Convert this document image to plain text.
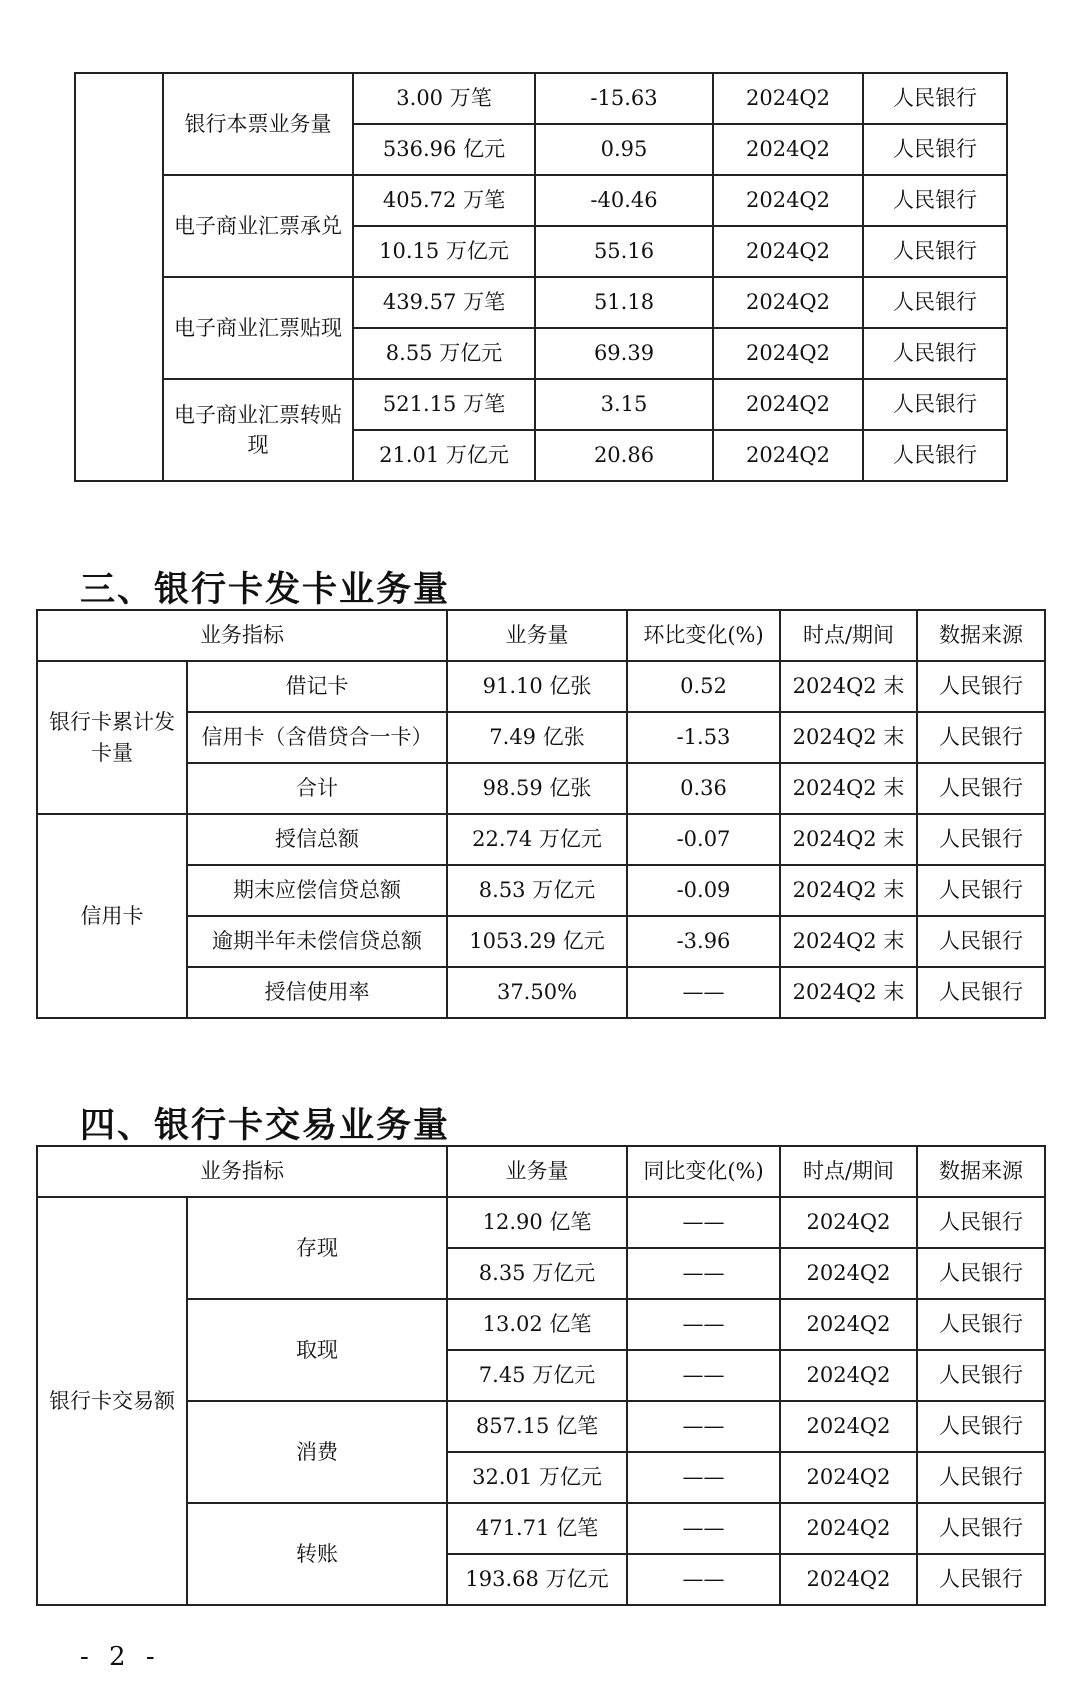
	银行本票业务量	3.00 万笔	-15.63	2024Q2	人民银行
		536.96 亿元	0.95	2024Q2	人民银行
	电子商业汇票承兑	405.72 万笔	-40.46	2024Q2	人民银行
		10.15 万亿元	55.16	2024Q2	人民银行
	电子商业汇票贴现	439.57 万笔	51.18	2024Q2	人民银行
		8.55 万亿元	69.39	2024Q2	人民银行
	电子商业汇票转贴现	521.15 万笔	3.15	2024Q2	人民银行
		21.01 万亿元	20.86	2024Q2	人民银行
三、银行卡发卡业务量
业务指标		业务量	环比变化(%)	时点/期间	数据来源
银行卡累计发卡量	借记卡	91.10 亿张	0.52	2024Q2 末	人民银行
	信用卡（含借贷合一卡）	7.49 亿张	-1.53	2024Q2 末	人民银行
	合计	98.59 亿张	0.36	2024Q2 末	人民银行
信用卡	授信总额	22.74 万亿元	-0.07	2024Q2 末	人民银行
	期末应偿信贷总额	8.53 万亿元	-0.09	2024Q2 末	人民银行
	逾期半年未偿信贷总额	1053.29 亿元	-3.96	2024Q2 末	人民银行
	授信使用率	37.50%	——	2024Q2 末	人民银行
四、银行卡交易业务量
业务指标		业务量	同比变化(%)	时点/期间	数据来源
银行卡交易额	存现	12.90 亿笔	——	2024Q2	人民银行
		8.35 万亿元	——	2024Q2	人民银行
	取现	13.02 亿笔	——	2024Q2	人民银行
		7.45 万亿元	——	2024Q2	人民银行
	消费	857.15 亿笔	——	2024Q2	人民银行
		32.01 万亿元	——	2024Q2	人民银行
	转账	471.71 亿笔	——	2024Q2	人民银行
		193.68 万亿元	——	2024Q2	人民银行
- 2 -
